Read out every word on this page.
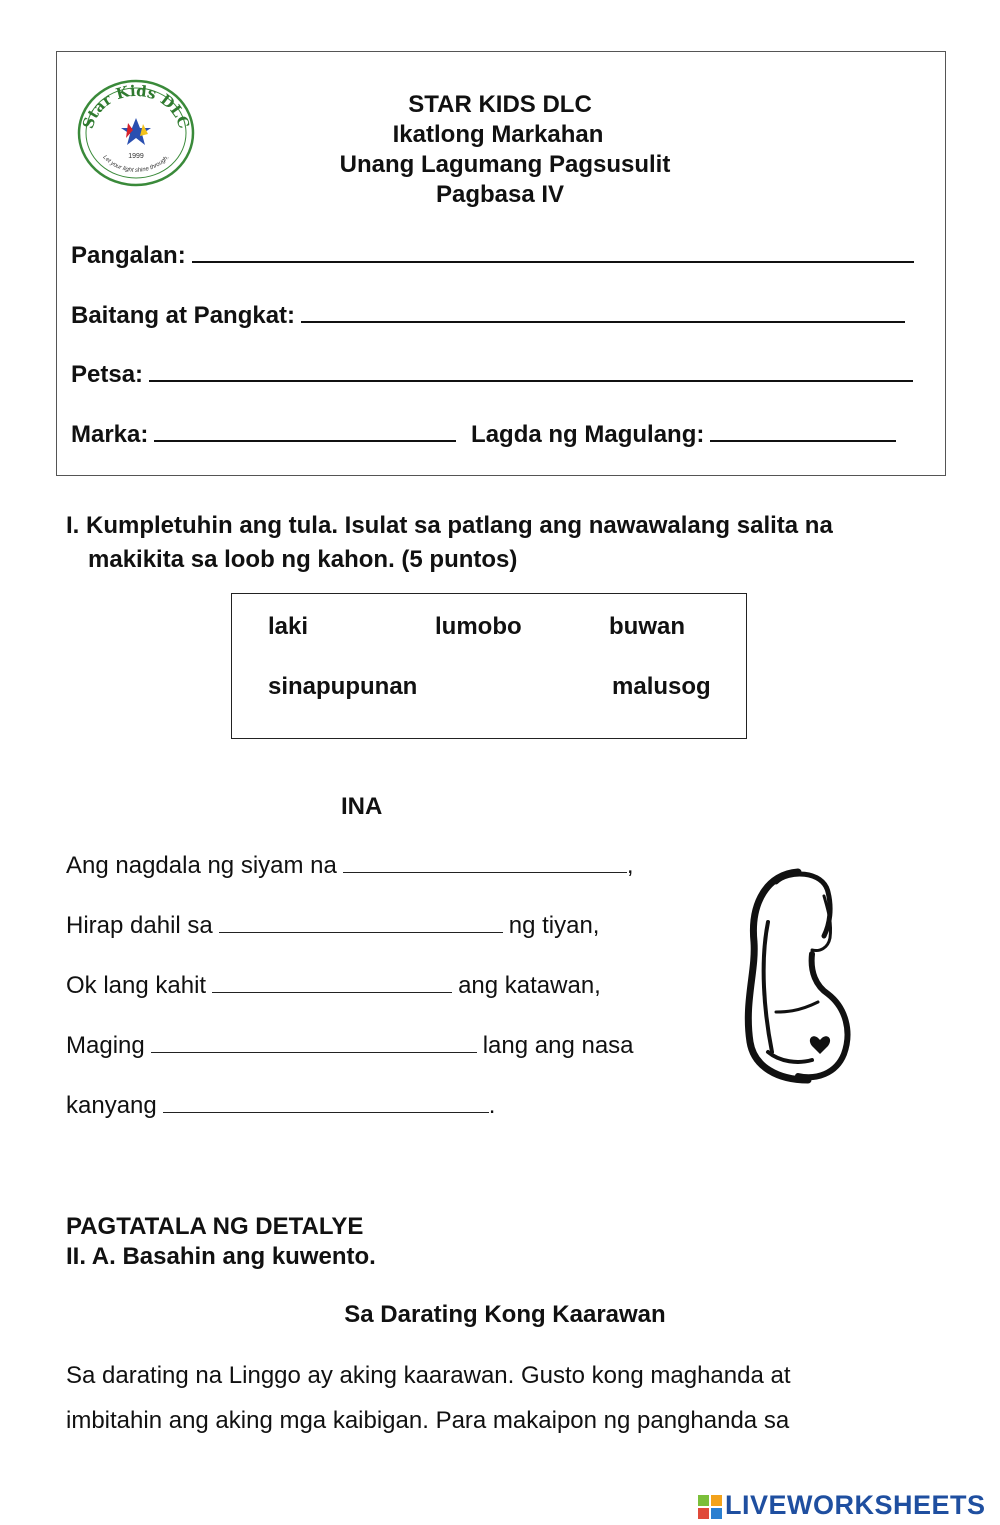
Star Kids DLC
1999
Let your light shine through.
STAR KIDS DLC
Ikatlong Markahan
Unang Lagumang Pagsusulit
Pagbasa IV
Pangalan:
Baitang at Pangkat:
Petsa:
Marka:	Lagda ng Magulang:
I. Kumpletuhin ang tula. Isulat sa patlang ang nawawalang salita na
makikita sa loob ng kahon. (5 puntos)
laki	lumobo	buwan
sinapupunan	malusog
INA
Ang nagdala ng siyam na	,
Hirap dahil sa	ng tiyan,
Ok lang kahit	ang katawan,
Maging	lang ang nasa
kanyang	.
PAGTATALA NG DETALYE
II. A. Basahin ang kuwento.
Sa Darating Kong Kaarawan
Sa darating na Linggo ay aking kaarawan. Gusto kong maghanda at
imbitahin ang aking mga kaibigan. Para makaipon ng panghanda sa
LIVEWORKSHEETS
